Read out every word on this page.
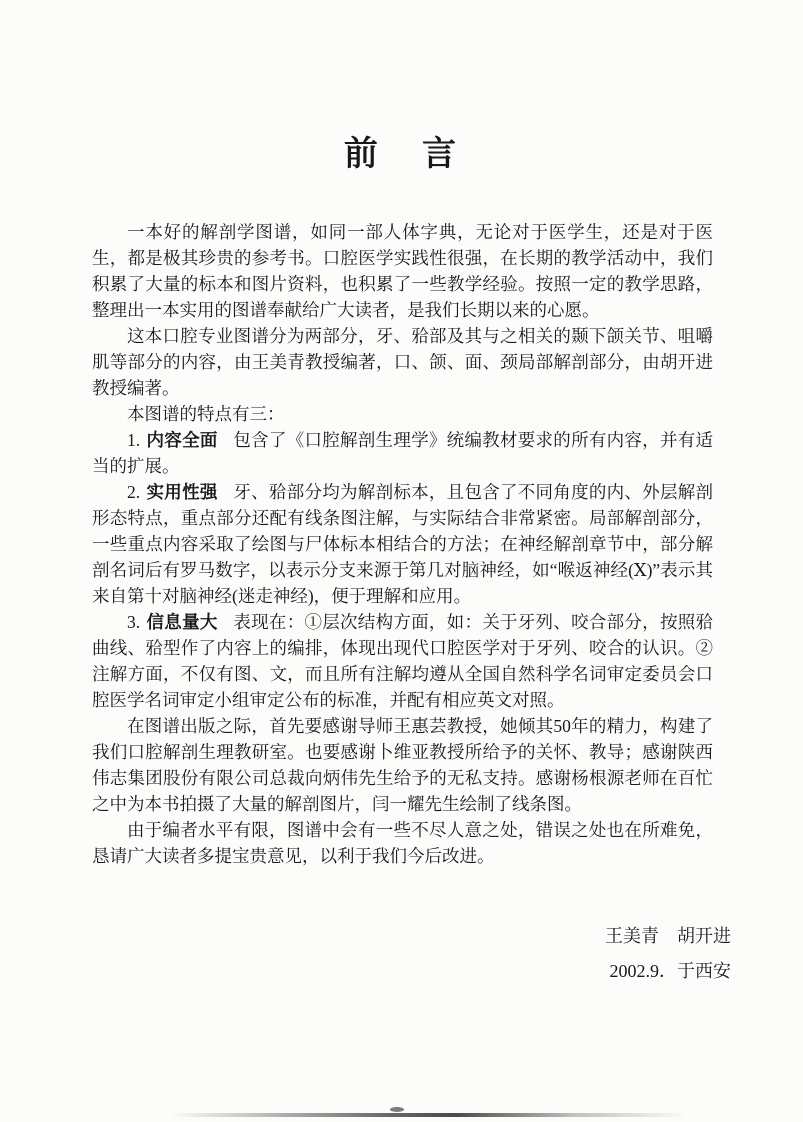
前　言

一本好的解剖学图谱，如同一部人体字典，无论对于医学生，还是对于医生，都是极其珍贵的参考书。口腔医学实践性很强，在长期的教学活动中，我们积累了大量的标本和图片资料，也积累了一些教学经验。按照一定的教学思路，整理出一本实用的图谱奉献给广大读者，是我们长期以来的心愿。

这本口腔专业图谱分为两部分，牙、𬌗部及其与之相关的颞下颌关节、咀嚼肌等部分的内容，由王美青教授编著，口、颌、面、颈局部解剖部分，由胡开进教授编著。

本图谱的特点有三：

1. 内容全面 包含了《口腔解剖生理学》统编教材要求的所有内容，并有适当的扩展。

2. 实用性强 牙、𬌗部分均为解剖标本，且包含了不同角度的内、外层解剖形态特点，重点部分还配有线条图注解，与实际结合非常紧密。局部解剖部分，一些重点内容采取了绘图与尸体标本相结合的方法；在神经解剖章节中，部分解剖名词后有罗马数字，以表示分支来源于第几对脑神经，如“喉返神经(Ⅹ)”表示其来自第十对脑神经(迷走神经)，便于理解和应用。

3. 信息量大 表现在：①层次结构方面，如：关于牙列、咬合部分，按照𬌗曲线、𬌗型作了内容上的编排，体现出现代口腔医学对于牙列、咬合的认识。②注解方面，不仅有图、文，而且所有注解均遵从全国自然科学名词审定委员会口腔医学名词审定小组审定公布的标准，并配有相应英文对照。

在图谱出版之际，首先要感谢导师王惠芸教授，她倾其50年的精力，构建了我们口腔解剖生理教研室。也要感谢卜维亚教授所给予的关怀、教导；感谢陕西伟志集团股份有限公司总裁向炳伟先生给予的无私支持。感谢杨根源老师在百忙之中为本书拍摄了大量的解剖图片，闫一耀先生绘制了线条图。

由于编者水平有限，图谱中会有一些不尽人意之处，错误之处也在所难免，恳请广大读者多提宝贵意见，以利于我们今后改进。

王美青　胡开进
2002.9．于西安
